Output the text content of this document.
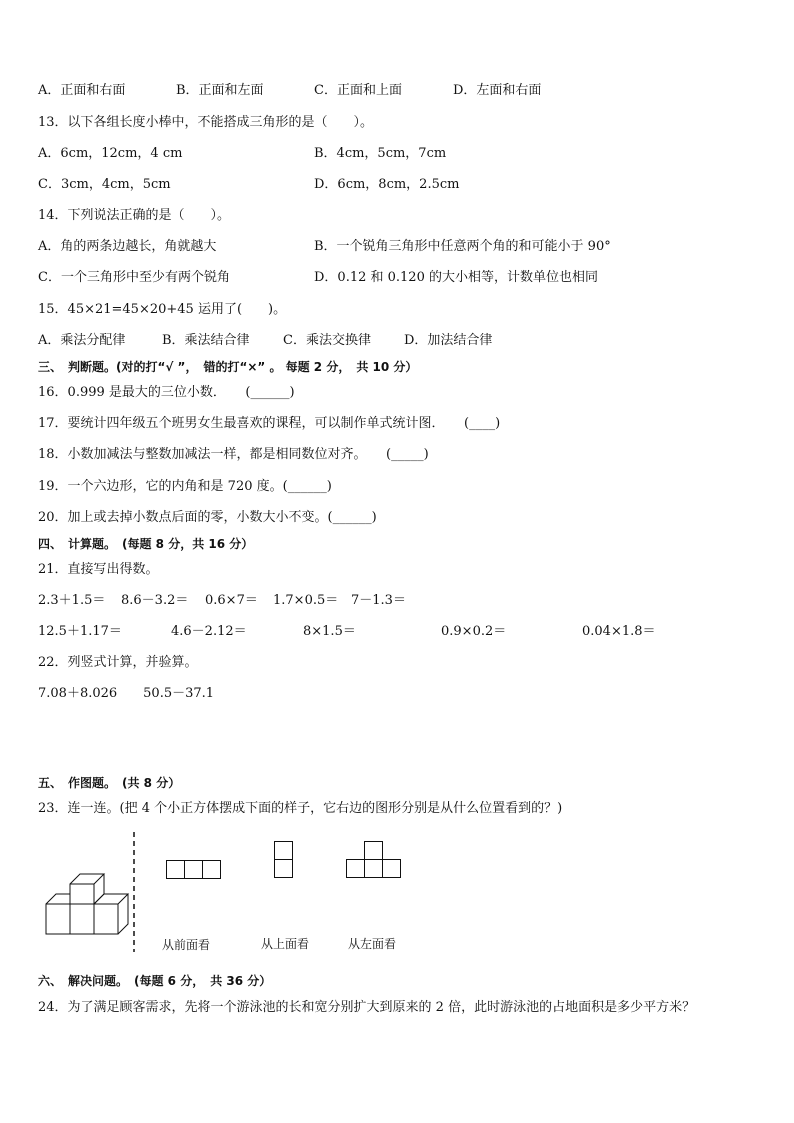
A．正面和右面	B．正面和左面	C．正面和上面	D．左面和右面
13．以下各组长度小棒中，不能搭成三角形的是（　　）。
A．6cm，12cm，4 cm	B．4cm，5cm，7cm
C．3cm，4cm，5cm	D．6cm，8cm，2.5cm
14．下列说法正确的是（　　）。
A．角的两条边越长，角就越大	B．一个锐角三角形中任意两个角的和可能小于 90°
C．一个三角形中至少有两个锐角	D．0.12 和 0.120 的大小相等，计数单位也相同
15．45×21=45×20+45 运用了(　　)。
A．乘法分配律	B．乘法结合律	C．乘法交换律	D．加法结合律
三、　判断题。(对的打“√ ”，　错的打“×” 。 每题 2 分，　共 10 分）
16．0.999 是最大的三位小数．　　(______)
17．要统计四年级五个班男女生最喜欢的课程，可以制作单式统计图．　　(____)
18．小数加减法与整数加减法一样，都是相同数位对齐。　　(_____)
19．一个六边形，它的内角和是 720 度。(______)
20．加上或去掉小数点后面的零，小数大小不变。(______)
四、　计算题。　(每题 8 分，共 16 分）
21．直接写出得数。
2.3＋1.5＝ 8.6－3.2＝ 0.6×7＝ 1.7×0.5＝ 7－1.3＝
12.5＋1.17＝	4.6－2.12＝	8×1.5＝	0.9×0.2＝	0.04×1.8＝
22．列竖式计算，并验算。
7.08＋8.026　　50.5－37.1
五、　作图题。　(共 8 分）
23．连一连。(把 4 个小正方体摆成下面的样子，它右边的图形分别是从什么位置看到的？)
从前面看	从上面看	从左面看
六、　解决问题。　(每题 6 分，　共 36 分）
24．为了满足顾客需求，先将一个游泳池的长和宽分别扩大到原来的 2 倍，此时游泳池的占地面积是多少平方米？
